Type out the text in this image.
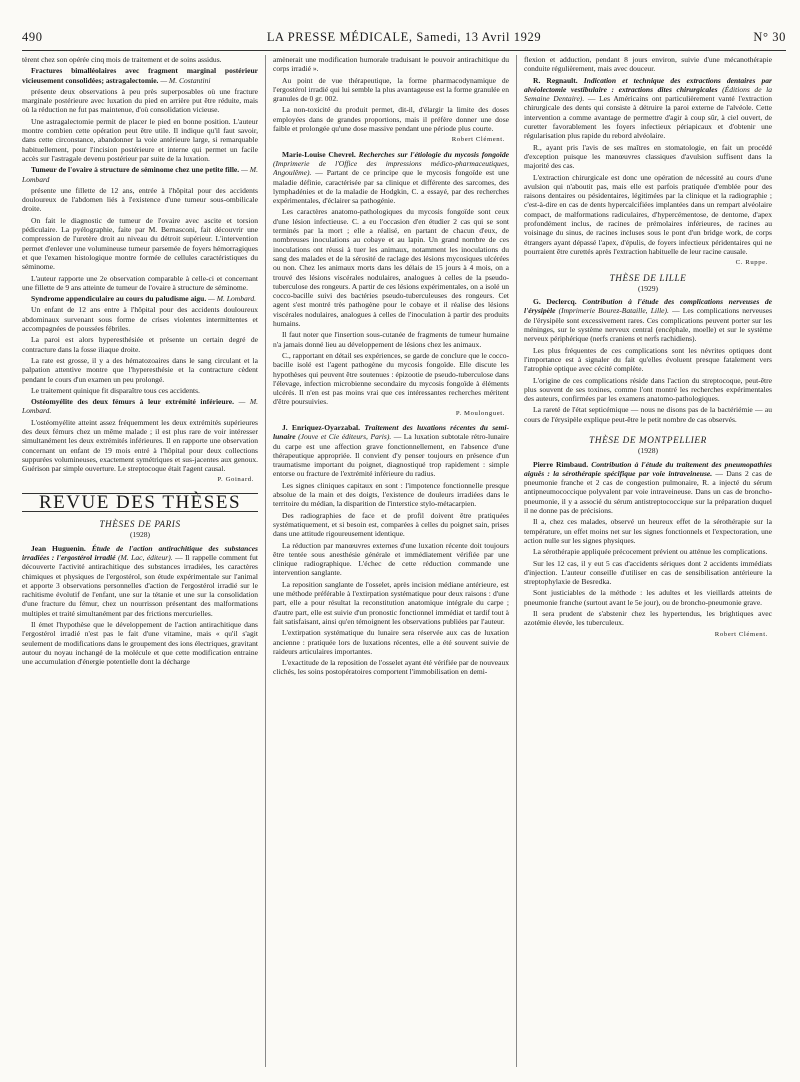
490	LA PRESSE MÉDICALE, Samedi, 13 Avril 1929	N° 30

tèrent chez son opérée cinq mois de traitement et de soins assidus.

Fractures bimalléolaires avec fragment marginal postérieur vicieusement consolidées; astragalectomie. — M. Costantini

présente deux observations à peu près superposables où une fracture marginale postérieure avec luxation du pied en arrière put être réduite, mais où la réduction ne fut pas maintenue, d'où consolidation vicieuse.

Une astragalectomie permit de placer le pied en bonne position. L'auteur montre combien cette opération peut être utile. Il indique qu'il faut savoir, dans cette circonstance, abandonner la voie antérieure large, si remarquable habituellement, pour l'incision postérieure et interne qui permet un facile accès sur l'astragale devenu postérieur par suite de la luxation.

Tumeur de l'ovaire à structure de séminome chez une petite fille. — M. Lombard

présente une fillette de 12 ans, entrée à l'hôpital pour des accidents douloureux de l'abdomen liés à l'existence d'une tumeur sous-ombilicale droite.

On fait le diagnostic de tumeur de l'ovaire avec ascite et torsion pédiculaire. La pyélographie, faite par M. Bernasconi, fait découvrir une compression de l'uretère droit au niveau du détroit supérieur. L'intervention permet d'enlever une volumineuse tumeur parsemée de foyers hémorragiques et que l'examen histologique montre formée de cellules caractéristiques du séminome.

L'auteur rapporte une 2e observation comparable à celle-ci et concernant une fillette de 9 ans atteinte de tumeur de l'ovaire à structure de séminome.

Syndrome appendiculaire au cours du paludisme aigu. — M. Lombard.

Un enfant de 12 ans entre à l'hôpital pour des accidents douloureux abdominaux survenant sous forme de crises violentes intermittentes et accompagnées de poussées fébriles.

La paroi est alors hyperesthésiée et présente un certain degré de contracture dans la fosse iliaque droite.

La rate est grosse, il y a des hématozoaires dans le sang circulant et la palpation attentive montre que l'hyperesthésie et la contracture cèdent pendant le cours d'un examen un peu prolongé.

Le traitement quinique fit disparaître tous ces accidents.

Ostéomyélite des deux fémurs à leur extrémité inférieure. — M. Lombard.

L'ostéomyélite atteint assez fréquemment les deux extrémités supérieures des deux fémurs chez un même malade ; il est plus rare de voir intéresser simultanément les deux extrémités inférieures. Il en rapporte une observation concernant un enfant de 19 mois entré à l'hôpital pour deux collections suppurées volumineuses, exactement symétriques et sus-jacentes aux genoux. Guérison par simple ouverture. Le streptocoque était l'agent causal.

P. Goinard.
REVUE DES THÈSES
THÈSES DE PARIS
(1928)

Jean Huguenin. Étude de l'action antirachitique des substances irradiées : l'ergostérol irradié (M. Lac, éditeur). — Il rappelle comment fut découverte l'activité antirachitique des substances irradiées, les caractères chimiques et physiques de l'ergostérol, son étude expérimentale sur l'animal et apporte 3 observations personnelles d'action de l'ergostérol irradié sur le rachitisme évolutif de l'enfant, une sur la tétanie et une sur la consolidation d'une fracture du fémur, chez un nourrisson présentant des malformations multiples et traité simultanément par des frictions mercurielles.

Il émet l'hypothèse que le développement de l'action antirachitique dans l'ergostérol irradié n'est pas le fait d'une vitamine, mais « qu'il s'agit seulement de modifications dans le groupement des ions électriques, gravitant autour du noyau inchangé de la molécule et que cette modification entraine une accumulation d'énergie potentielle dont la décharge

amènerait une modification humorale traduisant le pouvoir antirachitique du corps irradié ».

Au point de vue thérapeutique, la forme pharmacodynamique de l'ergostérol irradié qui lui semble la plus avantageuse est la forme granulée en granules de 0 gr. 002.

La non-toxicité du produit permet, dit-il, d'élargir la limite des doses employées dans de grandes proportions, mais il préfère donner une dose faible et prolongée qu'une dose massive pendant une période plus courte.

Robert Clément.

Marie-Louise Chevrel. Recherches sur l'étiologie du mycosis fongoïde (Imprimerie de l'Office des impressions médico-pharmaceutiques, Angoulême). — Partant de ce principe que le mycosis fongoïde est une maladie définie, caractérisée par sa clinique et différente des sarcomes, des lymphadénies et de la maladie de Hodgkin, C. a essayé, par des recherches expérimentales, d'éclairer sa pathogénie.

Les caractères anatomo-pathologiques du mycosis fongoïde sont ceux d'une lésion infectieuse. C. a eu l'occasion d'en étudier 2 cas qui se sont terminés par la mort ; elle a réalisé, en partant de chacun d'eux, de nombreuses inoculations au cobaye et au lapin. Un grand nombre de ces inoculations ont réussi à tuer les animaux, notamment les inoculations du sang des malades et de la sérosité de raclage des lésions mycosiques ulcérées ou non. Chez les animaux morts dans les délais de 15 jours à 4 mois, on a trouvé des lésions viscérales nodulaires, analogues à celles de la pseudo-tuberculose des rongeurs. A partir de ces lésions expérimentales, on a isolé un cocco-bacille suivi des bactéries pseudo-tuberculeuses des rongeurs. Cet agent s'est montré très pathogène pour le cobaye et il réalise des lésions viscérales nodulaires, analogues à celles de l'inoculation à partir des produits humains.

Il faut noter que l'insertion sous-cutanée de fragments de tumeur humaine n'a jamais donné lieu au développement de lésions chez les animaux.

C., rapportant en détail ses expériences, se garde de conclure que le cocco-bacille isolé est l'agent pathogène du mycosis fongoïde. Elle discute les hypothèses qui peuvent être soutenues : épizootie de pseudo-tuberculose dans l'élevage, infection microbienne secondaire du mycosis fongoïde à éléments ulcérés. Il n'en est pas moins vrai que ces intéressantes recherches méritent d'être poursuivies.

P. Moulonguet.

J. Enriquez-Oyarzabal. Traitement des luxations récentes du semi-lunaire (Jouve et Cie éditeurs, Paris). — La luxation subtotale rétro-lunaire du carpe est une affection grave fonctionnellement, en l'absence d'une thérapeutique appropriée. Il convient d'y penser toujours en présence d'un traumatisme important du poignet, diagnostiqué trop rapidement : simple entorse ou fracture de l'extrémité inférieure du radius.

Les signes cliniques capitaux en sont : l'impotence fonctionnelle presque absolue de la main et des doigts, l'existence de douleurs irradiées dans le territoire du médian, la disparition de l'interstice stylo-métacarpien.

Des radiographies de face et de profil doivent être pratiquées systématiquement, et si besoin est, comparées à celles du poignet sain, prises dans une attitude rigoureusement identique.

La réduction par manœuvres externes d'une luxation récente doit toujours être tentée sous anesthésie générale et immédiatement vérifiée par une clinique radiographique. L'échec de cette réduction commande une intervention sanglante.

La reposition sanglante de l'osselet, après incision médiane antérieure, est une méthode préférable à l'extirpation systématique pour deux raisons : d'une part, elle a pour résultat la reconstitution anatomique intégrale du carpe ; d'autre part, elle est suivie d'un pronostic fonctionnel immédiat et tardif tout à fait satisfaisant, ainsi qu'en témoignent les observations publiées par l'auteur.

L'extirpation systématique du lunaire sera réservée aux cas de luxation ancienne : pratiquée lors de luxations récentes, elle a été souvent suivie de raideurs articulaires importantes.

L'exactitude de la reposition de l'osselet ayant été vérifiée par de nouveaux clichés, les soins postopératoires comportent l'immobilisation en demi-

flexion et adduction, pendant 8 jours environ, suivie d'une mécanothérapie conduite régulièrement, mais avec douceur.

R. Regnault. Indication et technique des extractions dentaires par alvéolectomie vestibulaire : extractions dites chirurgicales (Éditions de la Semaine Dentaire). — Les Américains ont particulièrement vanté l'extraction chirurgicale des dents qui consiste à détruire la paroi externe de l'alvéole. Cette intervention a comme avantage de permettre d'agir à coup sûr, à ciel ouvert, de curetter favorablement les foyers infectieux périapicaux et d'obtenir une régularisation plus rapide du rebord alvéolaire.

R., ayant pris l'avis de ses maîtres en stomatologie, en fait un procédé d'exception puisque les manœuvres classiques d'avulsion suffisent dans la majorité des cas.

L'extraction chirurgicale est donc une opération de nécessité au cours d'une avulsion qui n'aboutit pas, mais elle est parfois pratiquée d'emblée pour des raisons dentaires ou pésidentaires, légitimées par la clinique et la radiographie ; c'est-à-dire en cas de dents hypercalcifiées implantées dans un rempart alvéolaire compact, de malformations radiculaires, d'hypercémentose, de dentome, d'apex profondément inclus, de racines de prémolaires inférieures, de racines au voisinage du sinus, de racines incluses sous le pont d'un bridge work, de corps étrangers ayant dépassé l'apex, d'épulis, de foyers infectieux péridentaires qui ne pourraient être curettés après l'extraction habituelle de leur racine causale.

C. Ruppe.
THÈSE DE LILLE
(1929)

G. Declercq. Contribution à l'étude des complications nerveuses de l'érysipèle (Imprimerie Bourez-Bataille, Lille). — Les complications nerveuses de l'érysipèle sont excessivement rares. Ces complications peuvent porter sur les méninges, sur le système nerveux central (encéphale, moelle) et sur le système nerveux périphérique (nerfs craniens et nerfs rachidiens).

Les plus fréquentes de ces complications sont les névrites optiques dont l'importance est à signaler du fait qu'elles évoluent presque fatalement vers l'atrophie optique avec cécité complète.

L'origine de ces complications réside dans l'action du streptocoque, peut-être plus souvent de ses toxines, comme l'ont montré les recherches expérimentales des auteurs, confirmées par les examens anatomo-pathologiques.

La rareté de l'état septicémique — nous ne disons pas de la bactériémie — au cours de l'érysipèle explique peut-être le petit nombre de cas observés.

THÈSE DE MONTPELLIER
(1928)

Pierre Rimbaud. Contribution à l'étude du traitement des pneumopathies aiguës : la sérothérapie spécifique par voie intraveineuse. — Dans 2 cas de pneumonie franche et 2 cas de congestion pulmonaire, R. a injecté du sérum antipneumococcique polyvalent par voie intraveineuse. Dans un cas de broncho-pneumonie, il y a associé du sérum antistreptococcique sur la préparation duquel il ne donne pas de précisions.

Il a, chez ces malades, observé un heureux effet de la sérothérapie sur la température, un effet moins net sur les signes fonctionnels et l'expectoration, une action nulle sur les signes physiques.

La sérothérapie appliquée précocement prévient ou atténue les complications.

Sur les 12 cas, il y eut 5 cas d'accidents sériques dont 2 accidents immédiats d'injection. L'auteur conseille d'utiliser en cas de sensibilisation antérieure la streptophylaxie de Besredka.

Sont justiciables de la méthode : les adultes et les vieillards atteints de pneumonie franche (surtout avant le 5e jour), ou de broncho-pneumonie grave.

Il sera prudent de s'abstenir chez les hypertendus, les brightiques avec azotémie élevée, les tuberculeux.

Robert Clément.
